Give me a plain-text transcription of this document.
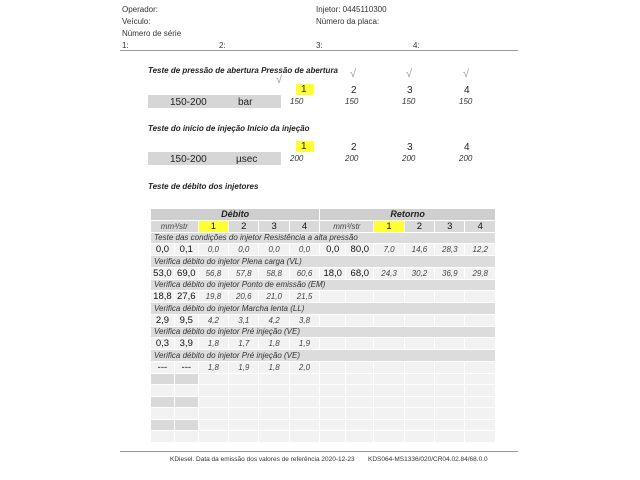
Operador:	Injetor: 0445110300
Veículo:	Número da placa:
Número de série
1:	2:	3:	4:
Teste de pressão de abertura Pressão de abertura
√	√	√	√
1	2	3	4
150-200	bar	150	150	150	150
Teste do início de injeção Início da injeção
1	2	3	4
150-200	µsec	200	200	200	200
Teste de débito dos injetores
Débito						Retorno					
mm³/str		1	2	3	4	mm³/str		1	2	3	4
Teste das condições do injetor Resistência a alta pressão											
0,0	0,1	0,0	0,0	0,0	0,0	0,0	80,0	7,0	14,6	28,3	12,2
Verifica débito do injetor Plena carga (VL)											
53,0	69,0	56,8	57,8	58,8	60,6	18,0	68,0	24,3	30,2	36,9	29,8
Verifica débito do injetor Ponto de emissão (EM)											
18,8	27,6	19,8	20,6	21,0	21,5						
Verifica débito do injetor Marcha lenta (LL)											
2,9	9,5	4,2	3,1	4,2	3,8						
Verifica débito do injetor Pré injeção (VE)											
0,3	3,9	1,8	1,7	1,8	1,9						
Verifica débito do injetor Pré injeção (VE)											
---	---	1,8	1,9	1,8	2,0						

KDiesel. Data da emissão dos valores de referência 2020-12-23 KDS064-MS1336/020/CR04.02.84/68.0.0
